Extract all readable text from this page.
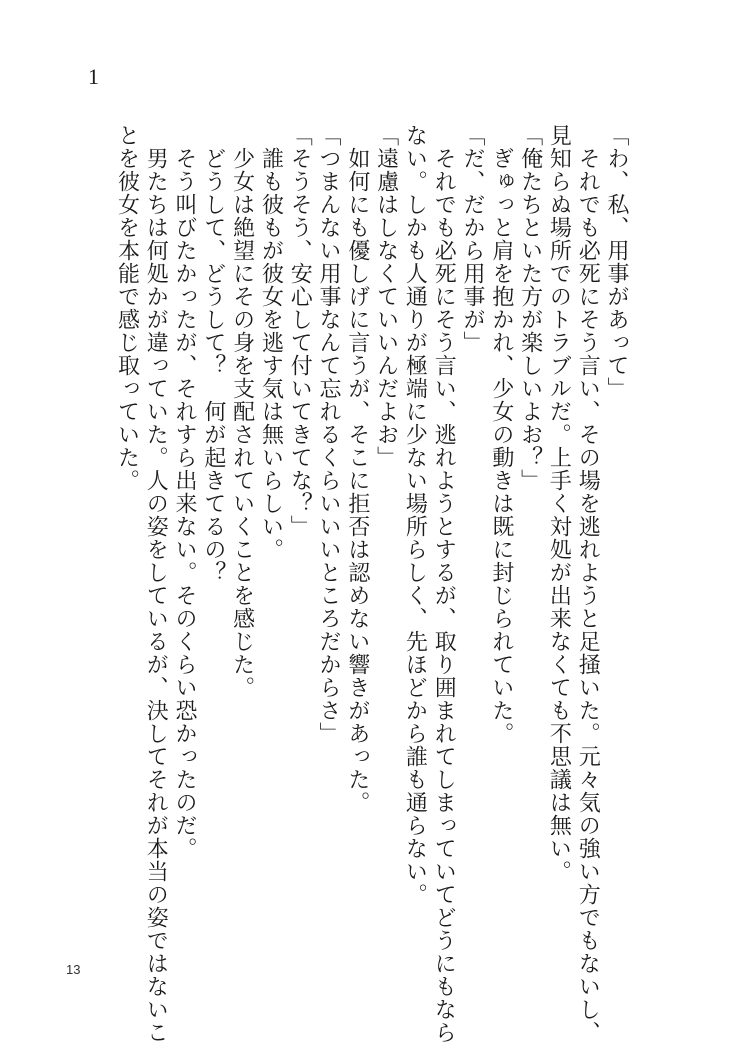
1
「わ、私、用事があって」
　それでも必死にそう言い、その場を逃れようと足掻いた。元々気の強い方でもないし、
見知らぬ場所でのトラブルだ。上手く対処が出来なくても不思議は無い。
「俺たちといた方が楽しいよお？」
　ぎゅっと肩を抱かれ、少女の動きは既に封じられていた。
「だ、だから用事が」
　それでも必死にそう言い、逃れようとするが、取り囲まれてしまっていてどうにもなら
ない。しかも人通りが極端に少ない場所らしく、先ほどから誰も通らない。
「遠慮はしなくていいんだよお」
　如何にも優しげに言うが、そこに拒否は認めない響きがあった。
「つまんない用事なんて忘れるくらいいいところだからさ」
「そうそう、安心して付いてきてな？」
　誰も彼もが彼女を逃す気は無いらしい。
　少女は絶望にその身を支配されていくことを感じた。
　どうして、どうして？　何が起きてるの？
　そう叫びたかったが、それすら出来ない。そのくらい恐かったのだ。
　男たちは何処かが違っていた。人の姿をしているが、決してそれが本当の姿ではないこ
とを彼女を本能で感じ取っていた。
13
